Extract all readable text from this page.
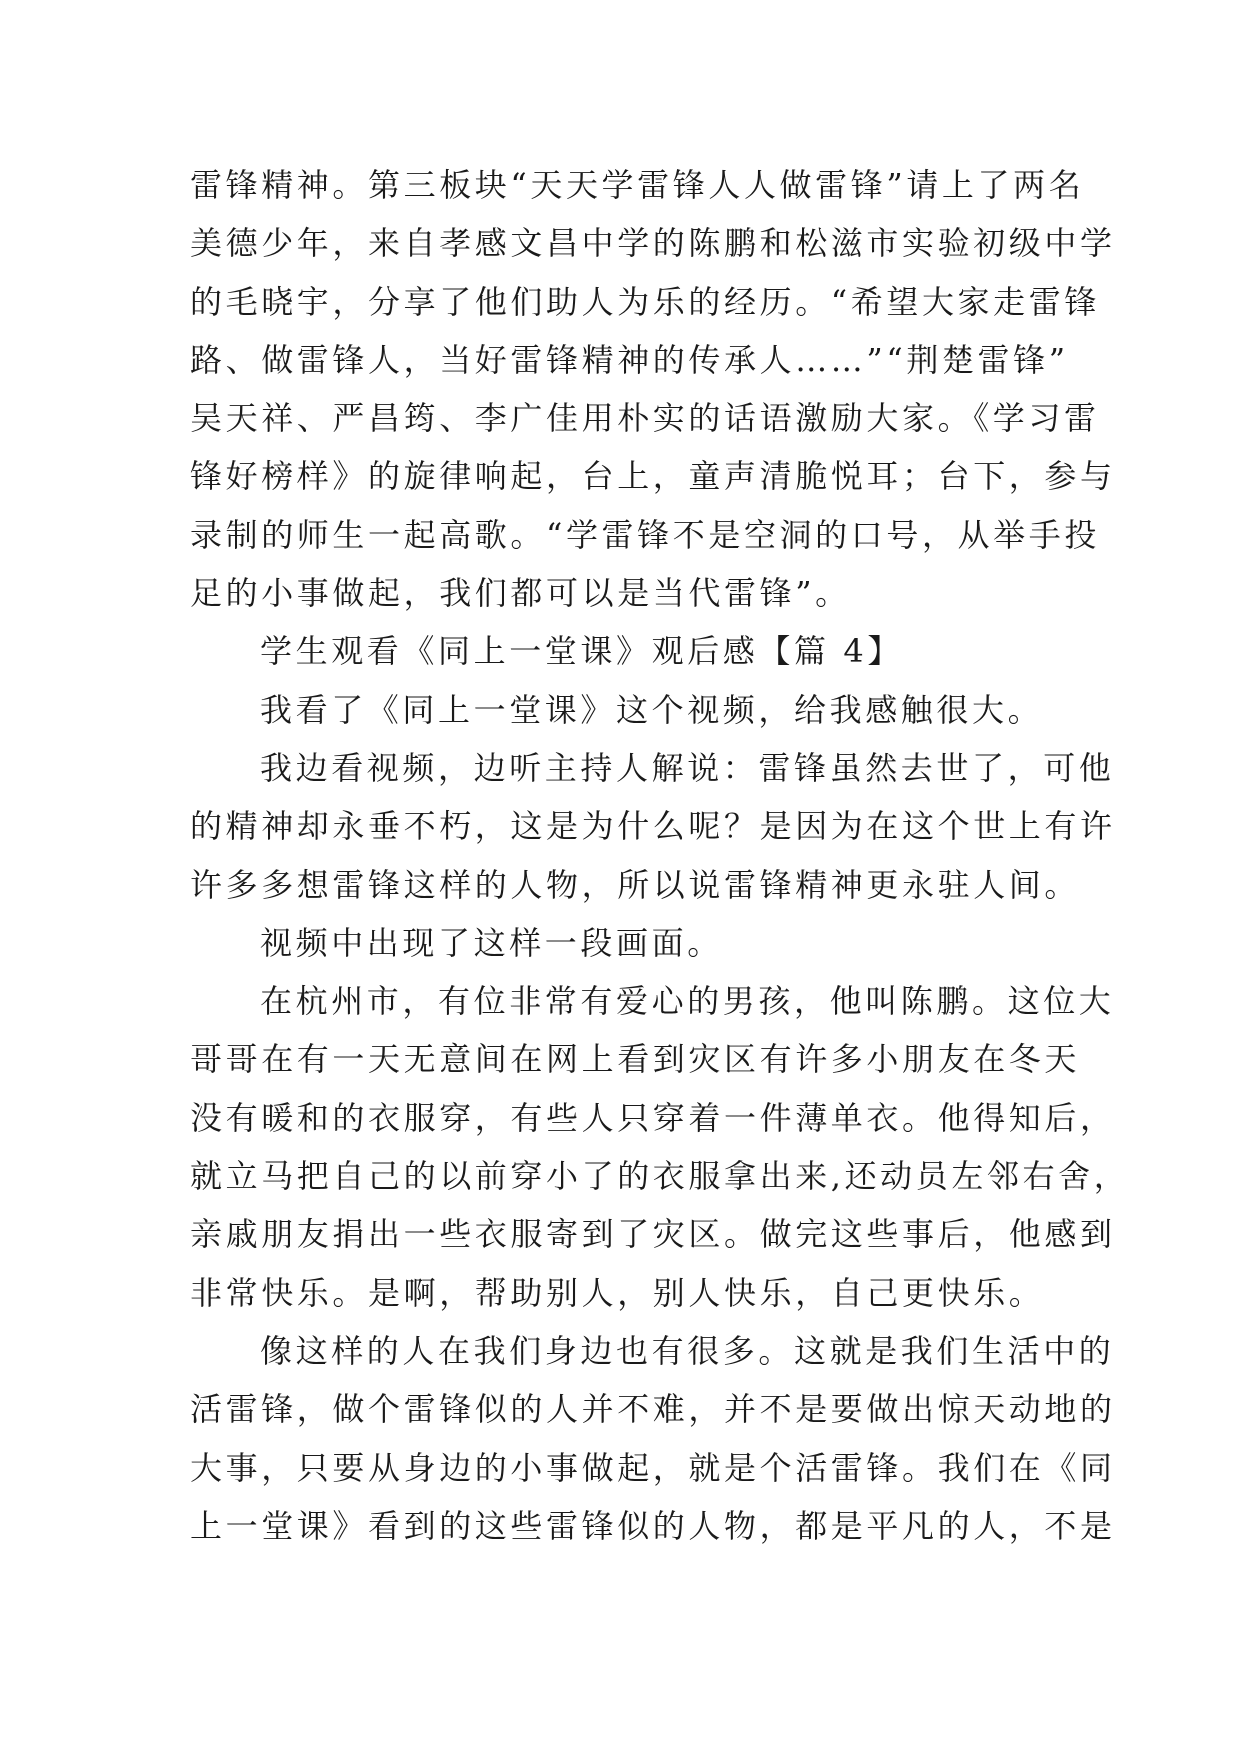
雷锋精神。第三板块“天天学雷锋人人做雷锋”请上了两名
美德少年，来自孝感文昌中学的陈鹏和松滋市实验初级中学
的毛晓宇，分享了他们助人为乐的经历。“希望大家走雷锋
路、做雷锋人，当好雷锋精神的传承人……”“荆楚雷锋”
吴天祥、严昌筠、李广佳用朴实的话语激励大家。《学习雷
锋好榜样》的旋律响起，台上，童声清脆悦耳；台下，参与
录制的师生一起高歌。“学雷锋不是空洞的口号，从举手投
足的小事做起，我们都可以是当代雷锋”。
学生观看《同上一堂课》观后感【篇 4】
我看了《同上一堂课》这个视频，给我感触很大。
我边看视频，边听主持人解说：雷锋虽然去世了，可他
的精神却永垂不朽，这是为什么呢？是因为在这个世上有许
许多多想雷锋这样的人物，所以说雷锋精神更永驻人间。
视频中出现了这样一段画面。
在杭州市，有位非常有爱心的男孩，他叫陈鹏。这位大
哥哥在有一天无意间在网上看到灾区有许多小朋友在冬天
没有暖和的衣服穿，有些人只穿着一件薄单衣。他得知后，
就立马把自己的以前穿小了的衣服拿出来,还动员左邻右舍，
亲戚朋友捐出一些衣服寄到了灾区。做完这些事后，他感到
非常快乐。是啊，帮助别人，别人快乐，自己更快乐。
像这样的人在我们身边也有很多。这就是我们生活中的
活雷锋，做个雷锋似的人并不难，并不是要做出惊天动地的
大事，只要从身边的小事做起，就是个活雷锋。我们在《同
上一堂课》看到的这些雷锋似的人物，都是平凡的人，不是
